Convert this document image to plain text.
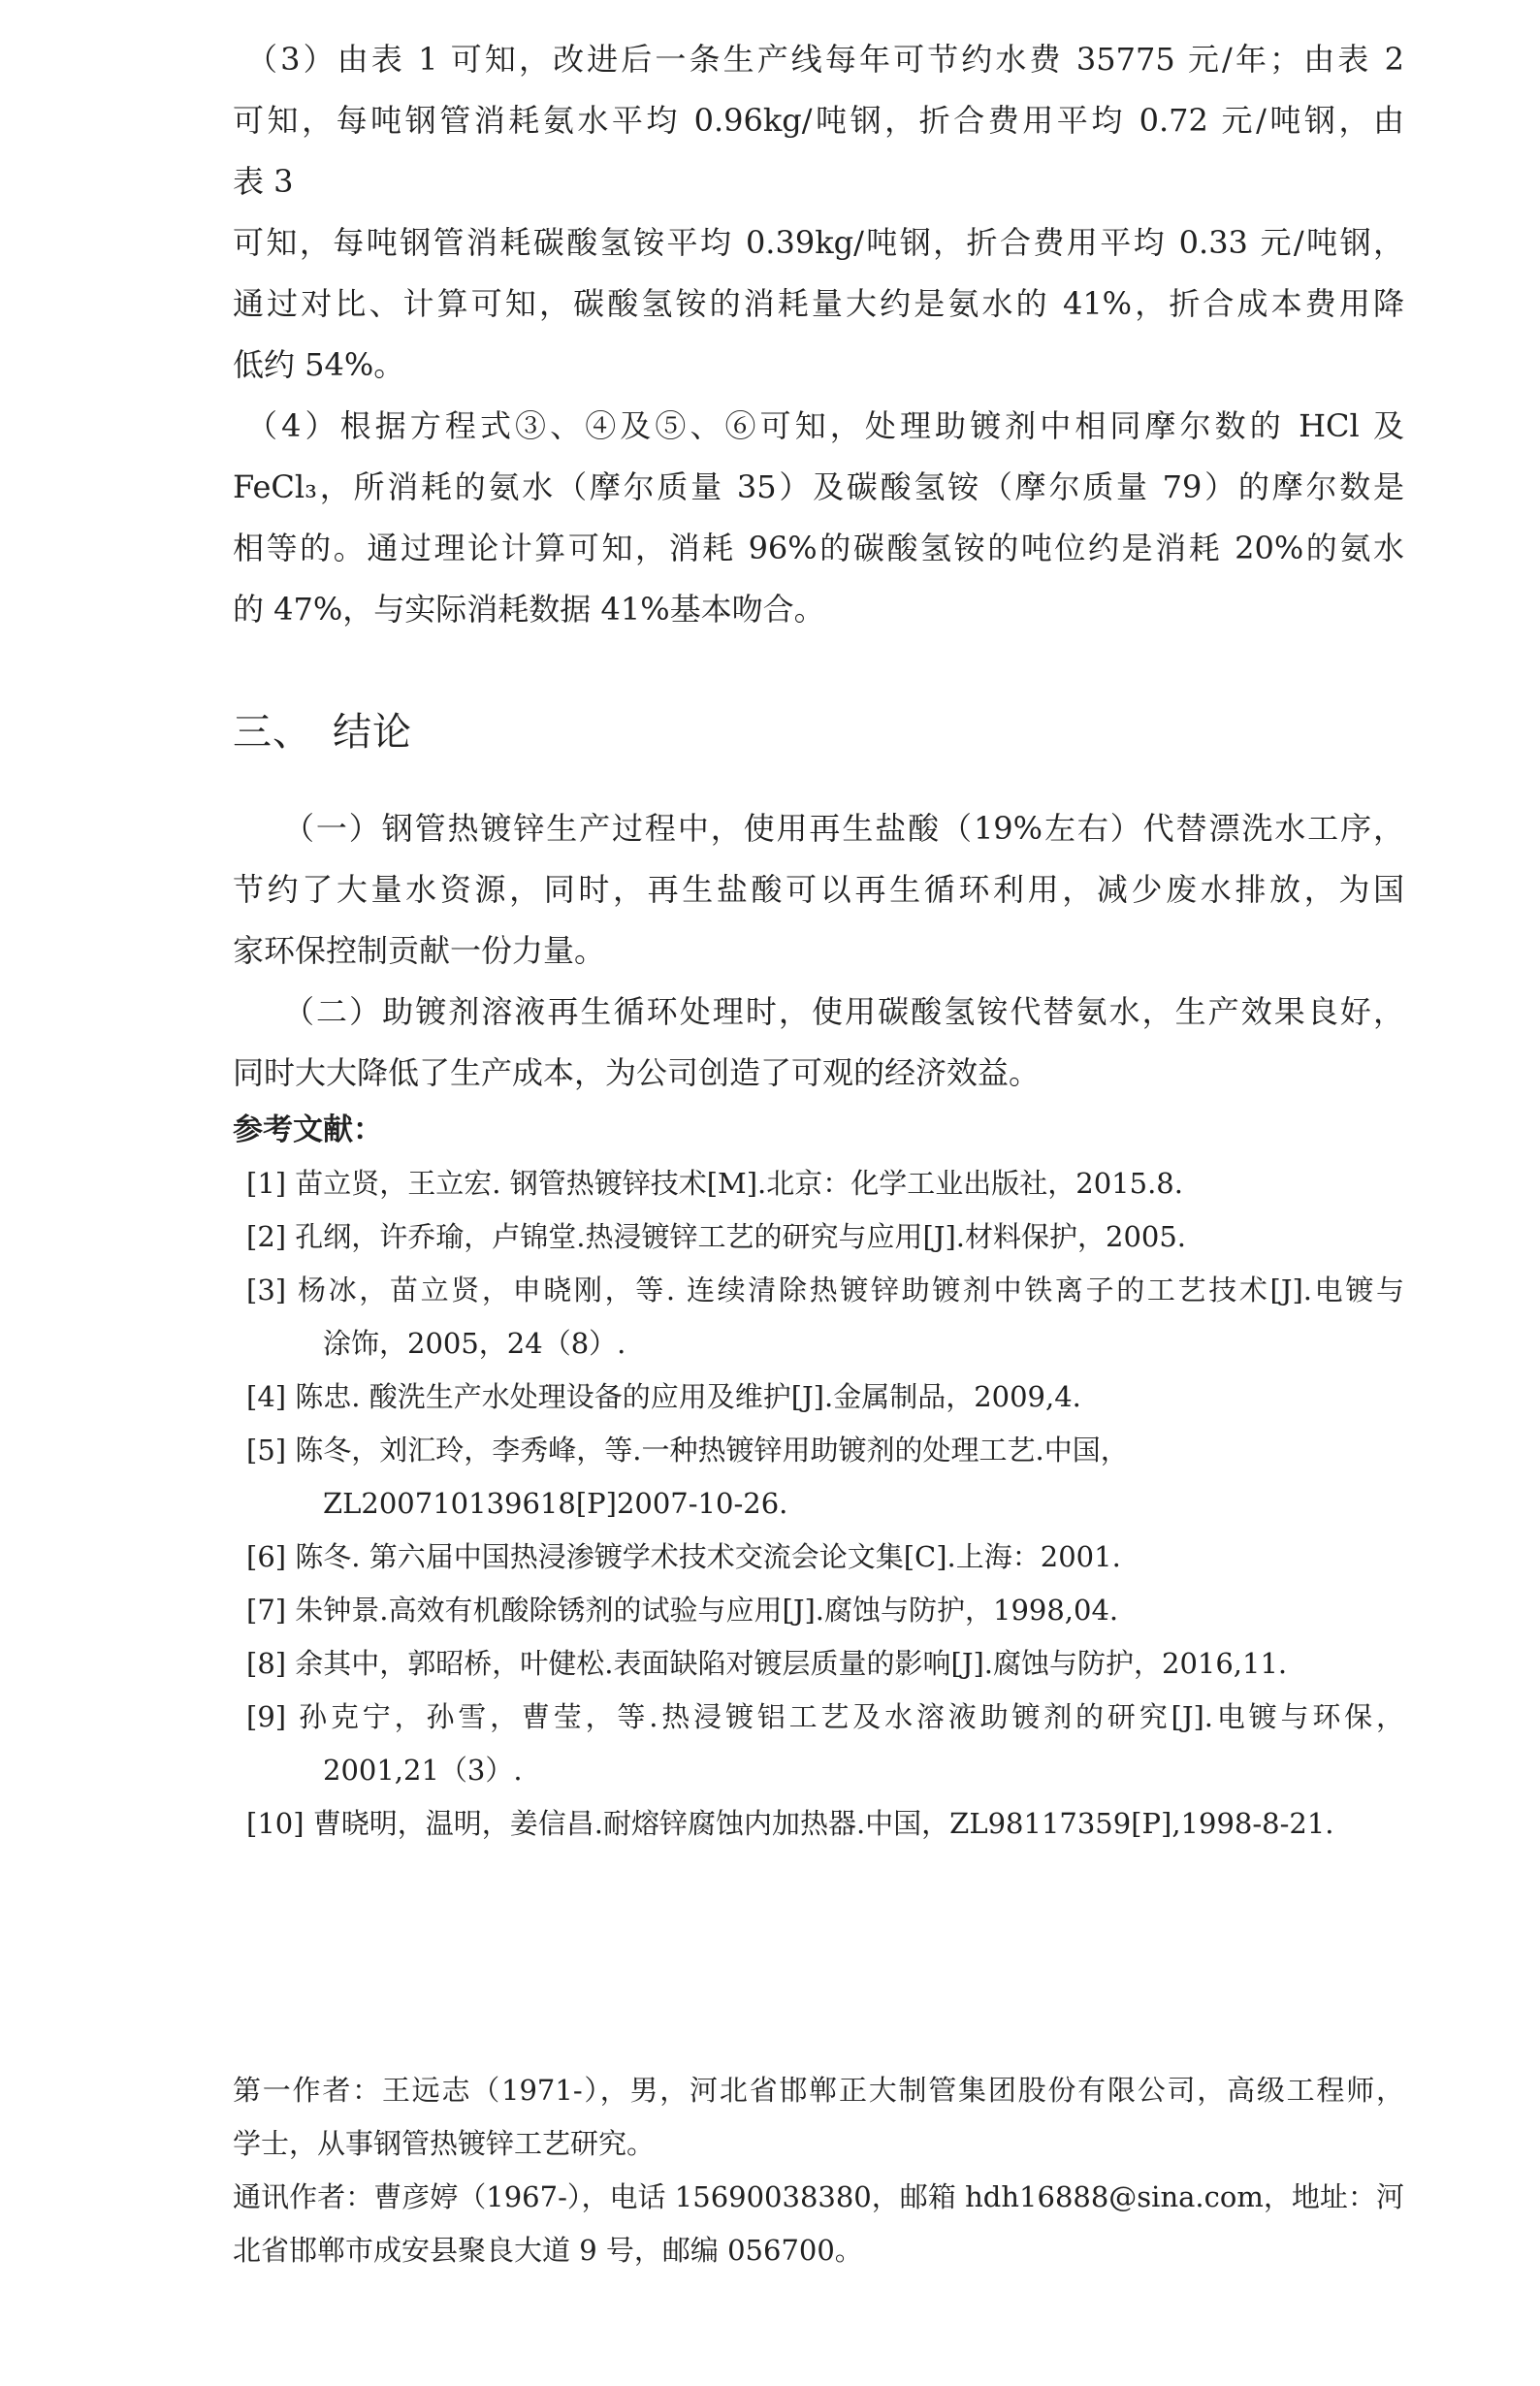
（3）由表 1 可知，改进后一条生产线每年可节约水费 35775 元/年；由表 2
可知，每吨钢管消耗氨水平均 0.96kg/吨钢，折合费用平均 0.72 元/吨钢，由
表 3
可知，每吨钢管消耗碳酸氢铵平均 0.39kg/吨钢，折合费用平均 0.33 元/吨钢，
通过对比、计算可知，碳酸氢铵的消耗量大约是氨水的 41%，折合成本费用降
低约 54%。
（4）根据方程式③、④及⑤、⑥可知，处理助镀剂中相同摩尔数的 HCl 及
FeCl₃，所消耗的氨水（摩尔质量 35）及碳酸氢铵（摩尔质量 79）的摩尔数是
相等的。通过理论计算可知，消耗 96%的碳酸氢铵的吨位约是消耗 20%的氨水
的 47%，与实际消耗数据 41%基本吻合。
三、　结论
（一）钢管热镀锌生产过程中，使用再生盐酸（19%左右）代替漂洗水工序，
节约了大量水资源，同时，再生盐酸可以再生循环利用，减少废水排放，为国
家环保控制贡献一份力量。
（二）助镀剂溶液再生循环处理时，使用碳酸氢铵代替氨水，生产效果良好，
同时大大降低了生产成本，为公司创造了可观的经济效益。
参考文献：
[1] 苗立贤，王立宏. 钢管热镀锌技术[M].北京：化学工业出版社，2015.8.
[2] 孔纲，许乔瑜，卢锦堂.热浸镀锌工艺的研究与应用[J].材料保护，2005.
[3] 杨冰，苗立贤，申晓刚，等. 连续清除热镀锌助镀剂中铁离子的工艺技术[J].电镀与
涂饰，2005，24（8）.
[4] 陈忠. 酸洗生产水处理设备的应用及维护[J].金属制品，2009,4.
[5] 陈冬，刘汇玲，李秀峰，等.一种热镀锌用助镀剂的处理工艺.中国，
ZL200710139618[P]2007-10-26.
[6] 陈冬. 第六届中国热浸渗镀学术技术交流会论文集[C].上海：2001.
[7] 朱钟景.高效有机酸除锈剂的试验与应用[J].腐蚀与防护，1998,04.
[8] 余其中，郭昭桥，叶健松.表面缺陷对镀层质量的影响[J].腐蚀与防护，2016,11.
[9] 孙克宁，孙雪，曹莹，等.热浸镀铝工艺及水溶液助镀剂的研究[J].电镀与环保，
2001,21（3）.
[10] 曹晓明，温明，姜信昌.耐熔锌腐蚀内加热器.中国，ZL98117359[P],1998-8-21.
第一作者：王远志（1971-），男，河北省邯郸正大制管集团股份有限公司，高级工程师，
学士，从事钢管热镀锌工艺研究。
通讯作者：曹彦婷（1967-），电话 15690038380，邮箱 hdh16888@sina.com，地址：河
北省邯郸市成安县聚良大道 9 号，邮编 056700。
